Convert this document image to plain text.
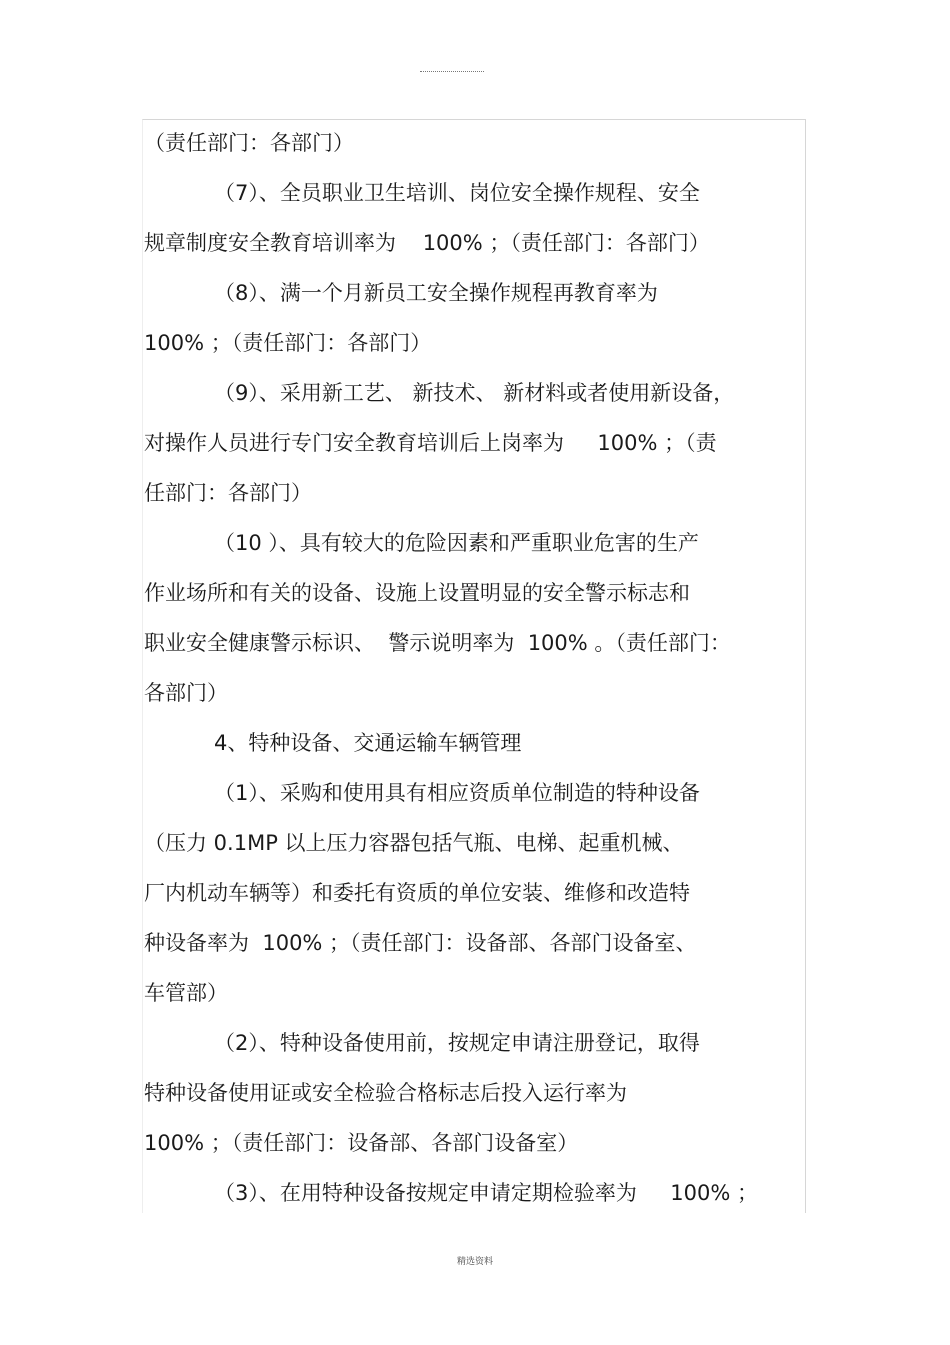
（责任部门：各部门）
（7）、全员职业卫生培训、岗位安全操作规程、安全
规章制度安全教育培训率为    100% ；（责任部门：各部门）
（8）、满一个月新员工安全操作规程再教育率为
100% ；（责任部门：各部门）
（9）、采用新工艺、 新技术、 新材料或者使用新设备，
对操作人员进行专门安全教育培训后上岗率为     100% ；（责
任部门：各部门）
（10 ）、具有较大的危险因素和严重职业危害的生产
作业场所和有关的设备、设施上设置明显的安全警示标志和
职业安全健康警示标识、  警示说明率为  100% 。（责任部门：
各部门）
4、特种设备、交通运输车辆管理
（1）、采购和使用具有相应资质单位制造的特种设备
（压力 0.1MP 以上压力容器包括气瓶、电梯、起重机械、
厂内机动车辆等）和委托有资质的单位安装、维修和改造特
种设备率为  100% ；（责任部门：设备部、各部门设备室、
车管部）
（2）、特种设备使用前，按规定申请注册登记，取得
特种设备使用证或安全检验合格标志后投入运行率为
100% ；（责任部门：设备部、各部门设备室）
（3）、在用特种设备按规定申请定期检验率为     100% ；
精选资料
